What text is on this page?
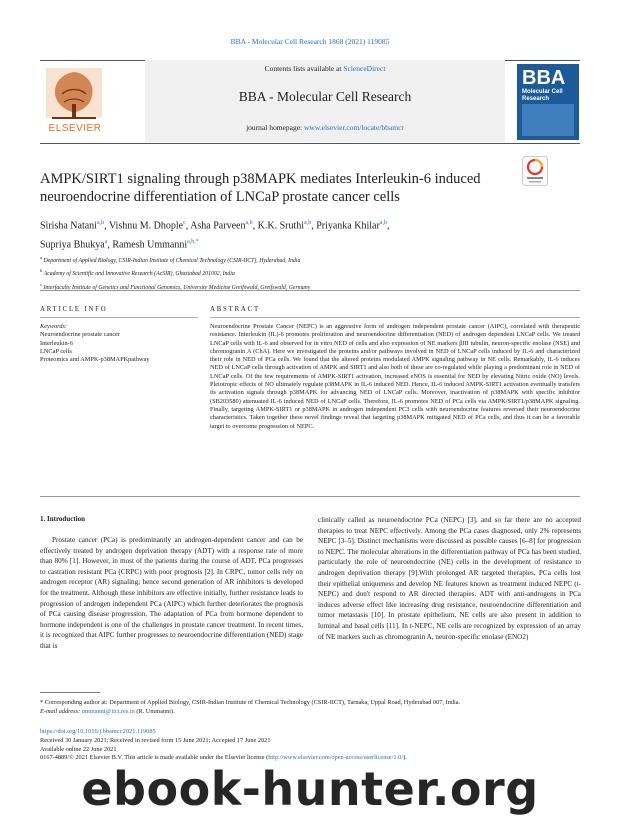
BBA - Molecular Cell Research 1868 (2021) 119085
ELSEVIER
Contents lists available at ScienceDirect
BBA - Molecular Cell Research
journal homepage: www.elsevier.com/locate/bbamcr
BBA
Molecular Cell Research
AMPK/SIRT1 signaling through p38MAPK mediates Interleukin-6 induced neuroendocrine differentiation of LNCaP prostate cancer cells
Sirisha Natani$^{a,b}$, Vishnu M. Dhople$^c$, Asha Parveen$^{a,b}$, K.K. Sruthi$^{a,b}$, Priyanka Khilar$^{a,b}$,
Supriya Bhukya$^a$, Ramesh Ummanni$^{a,b,*}$
$^a$ Department of Applied Biology, CSIR-Indian Institute of Chemical Technology (CSIR-IICT), Hyderabad, India
$^b$ Academy of Scientific and Innovative Research (AcSIR), Ghaziabad 201002, India
$^c$ Interfaculty Institute of Genetics and Functional Genomics, University Medicine Greifswald, Greifswald, Germany
ARTICLE INFO	ABSTRACT
Keywords:
Neuroendocrine prostate cancer
Interleukin-6
LNCaP cells
Proteomics and AMPK-p38MAPKpathway
Neuroendocrine Prostate Cancer (NEPC) is an aggressive form of androgen independent prostate cancer (AIPC), correlated with therapeutic resistance. Interleukin (IL)-6 promotes proliferation and neuroendocrine differentiation (NED) of androgen dependent LNCaP cells. We treated LNCaP cells with IL-6 and observed for in vitro NED of cells and also expression of NE markers βIII tubulin, neuron-specific enolase (NSE) and chromogranin A (ChA). Here we investigated the proteins and/or pathways involved in NED of LNCaP cells induced by IL-6 and characterized their role in NED of PCa cells. We found that the altered proteins modulated AMPK signaling pathway in NE cells. Remarkably, IL-6 induces NED of LNCaP cells through activation of AMPK and SIRT1 and also both of these are co-regulated while playing a predominant role in NED of LNCaP cells. Of the few requirements of AMPK-SIRT1 activation, increased eNOS is essential for NED by elevating Nitric oxide (NO) levels. Pleiotropic effects of NO ultimately regulate p38MAPK in IL-6 induced NED. Hence, IL-6 induced AMPK-SIRT1 activation eventually transfers its activation signals through p38MAPK for advancing NED of LNCaP cells. Moreover, inactivation of p38MAPK with specific inhibitor (SB203580) attenuated IL-6 induced NED of LNCaP cells. Therefore, IL-6 promotes NED of PCa cells via AMPK/SIRT1/p38MAPK signaling. Finally, targeting AMPK-SIRT1 or p38MAPK in androgen independent PC3 cells with neuroendocrine features reversed their neuroendocrine characteristics. Taken together these novel findings reveal that targeting p38MAPK mitigated NED of PCa cells, and thus it can be a favorable target to overcome progression of NEPC.
1. Introduction
Prostate cancer (PCa) is predominantly an androgen-dependent cancer and can be effectively treated by androgen deprivation therapy (ADT) with a response rate of more than 80% [1]. However, in most of the patients during the course of ADT, PCa progresses to castration resistant PCa (CRPC) with poor prognosis [2]. In CRPC, tumor cells rely on androgen receptor (AR) signaling; hence second generation of AR inhibitors is developed for the treatment. Although these inhibitors are effective initially, further resistance leads to progression of androgen independent PCa (AIPC) which further deteriorates the prognosis of PCa causing disease progression. The adaptation of PCa from hormone dependent to hormone independent is one of the challenges in prostate cancer treatment. In recent times, it is recognized that AIPC further progresses to neuroendocrine differentiation (NED) stage that is
clinically called as neuroendocrine PCa (NEPC) [3], and so far there are no accepted therapies to treat NEPC effectively. Among the PCa cases diagnosed, only 2% represents NEPC [3–5]. Distinct mechanisms were discussed as possible causes [6–8] for progression to NEPC. The molecular alterations in the differentiation pathway of PCa has been studied, particularly the role of neuroendocrine (NE) cells in the development of resistance to androgen deprivation therapy [9].With prolonged AR targeted therapies, PCa cells lost their epithelial uniqueness and develop NE features known as treatment induced NEPC (t-NEPC) and don't respond to AR directed therapies. ADT with anti-androgens in PCa induces adverse effect like increasing drug resistance, neuroendocrine differentiation and tumor metastasis [10]. In prostate epithelium, NE cells are also present in addition to luminal and basal cells [11]. In t-NEPC, NE cells are recognized by expression of an array of NE markers such as chromogranin A, neuron-specific enolase (ENO2)
* Corresponding author at: Department of Applied Biology, CSIR-Indian Institute of Chemical Technology (CSIR-IICT), Tarnaka, Uppal Road, Hyderabad 007, India.
E-mail address: ummanni@iict.res.in (R. Ummanni).
https://doi.org/10.1016/j.bbamcr.2021.119085
Received 30 January 2021; Received in revised form 15 June 2021; Accepted 17 June 2021
Available online 22 June 2021
0167-4889/© 2021 Elsevier B.V. This article is made available under the Elsevier license (http://www.elsevier.com/open-access/userlicense/1.0/).
ebook-hunter.org
